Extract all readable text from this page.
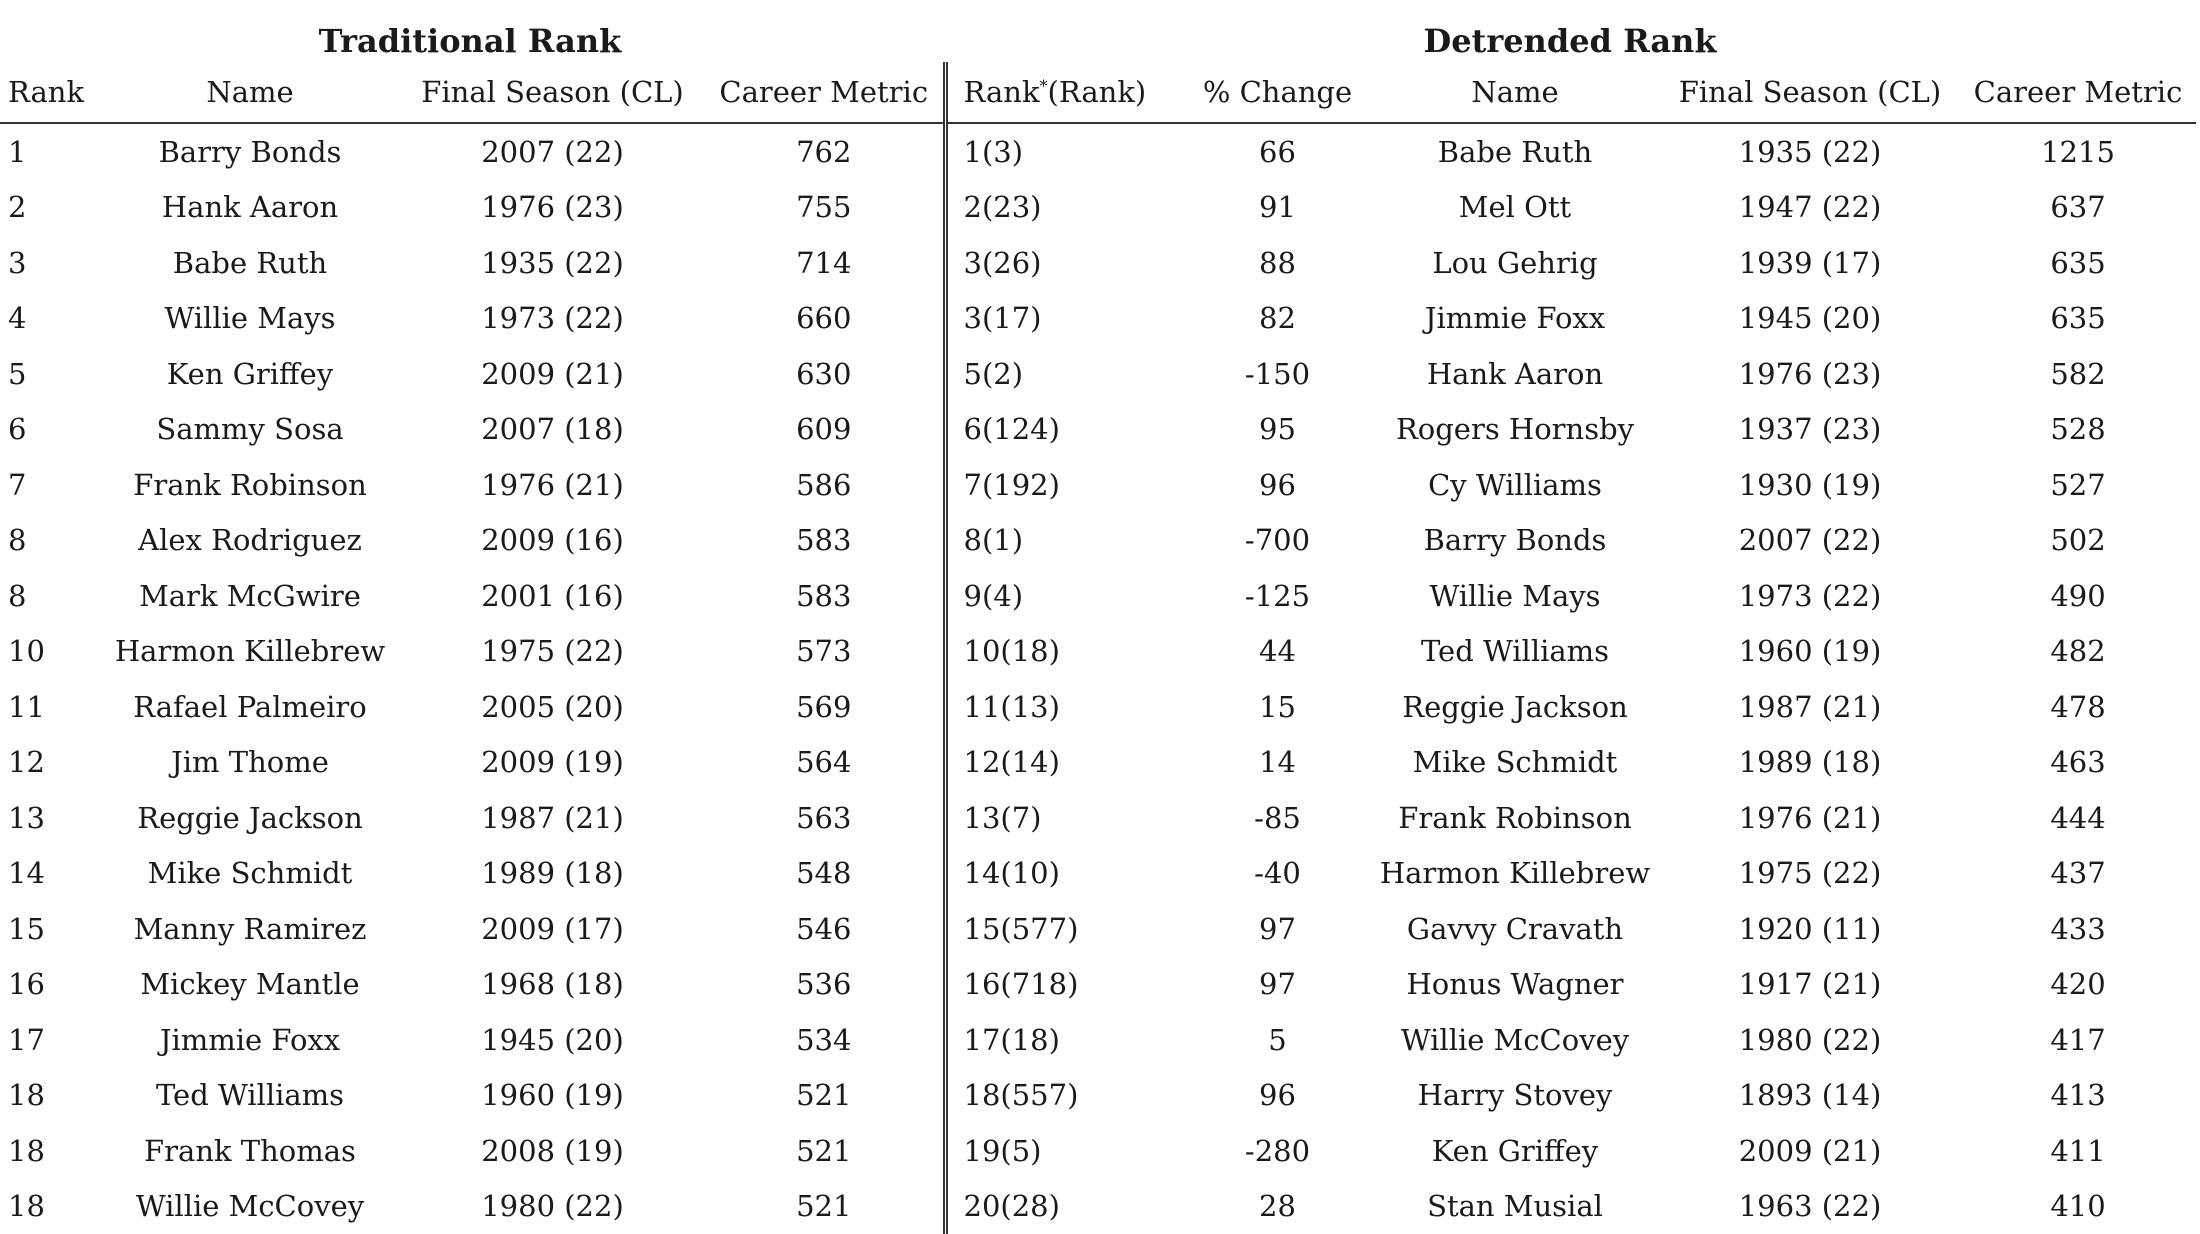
Traditional Rank	Detrended Rank
Rank	Name	Final Season (CL)	Career Metric	Rank*(Rank)	% Change	Name	Final Season (CL)	Career Metric
1	Barry Bonds	2007 (22)	762	1(3)	66	Babe Ruth	1935 (22)	1215
2	Hank Aaron	1976 (23)	755	2(23)	91	Mel Ott	1947 (22)	637
3	Babe Ruth	1935 (22)	714	3(26)	88	Lou Gehrig	1939 (17)	635
4	Willie Mays	1973 (22)	660	3(17)	82	Jimmie Foxx	1945 (20)	635
5	Ken Griffey	2009 (21)	630	5(2)	-150	Hank Aaron	1976 (23)	582
6	Sammy Sosa	2007 (18)	609	6(124)	95	Rogers Hornsby	1937 (23)	528
7	Frank Robinson	1976 (21)	586	7(192)	96	Cy Williams	1930 (19)	527
8	Alex Rodriguez	2009 (16)	583	8(1)	-700	Barry Bonds	2007 (22)	502
8	Mark McGwire	2001 (16)	583	9(4)	-125	Willie Mays	1973 (22)	490
10	Harmon Killebrew	1975 (22)	573	10(18)	44	Ted Williams	1960 (19)	482
11	Rafael Palmeiro	2005 (20)	569	11(13)	15	Reggie Jackson	1987 (21)	478
12	Jim Thome	2009 (19)	564	12(14)	14	Mike Schmidt	1989 (18)	463
13	Reggie Jackson	1987 (21)	563	13(7)	-85	Frank Robinson	1976 (21)	444
14	Mike Schmidt	1989 (18)	548	14(10)	-40	Harmon Killebrew	1975 (22)	437
15	Manny Ramirez	2009 (17)	546	15(577)	97	Gavvy Cravath	1920 (11)	433
16	Mickey Mantle	1968 (18)	536	16(718)	97	Honus Wagner	1917 (21)	420
17	Jimmie Foxx	1945 (20)	534	17(18)	5	Willie McCovey	1980 (22)	417
18	Ted Williams	1960 (19)	521	18(557)	96	Harry Stovey	1893 (14)	413
18	Frank Thomas	2008 (19)	521	19(5)	-280	Ken Griffey	2009 (21)	411
18	Willie McCovey	1980 (22)	521	20(28)	28	Stan Musial	1963 (22)	410
